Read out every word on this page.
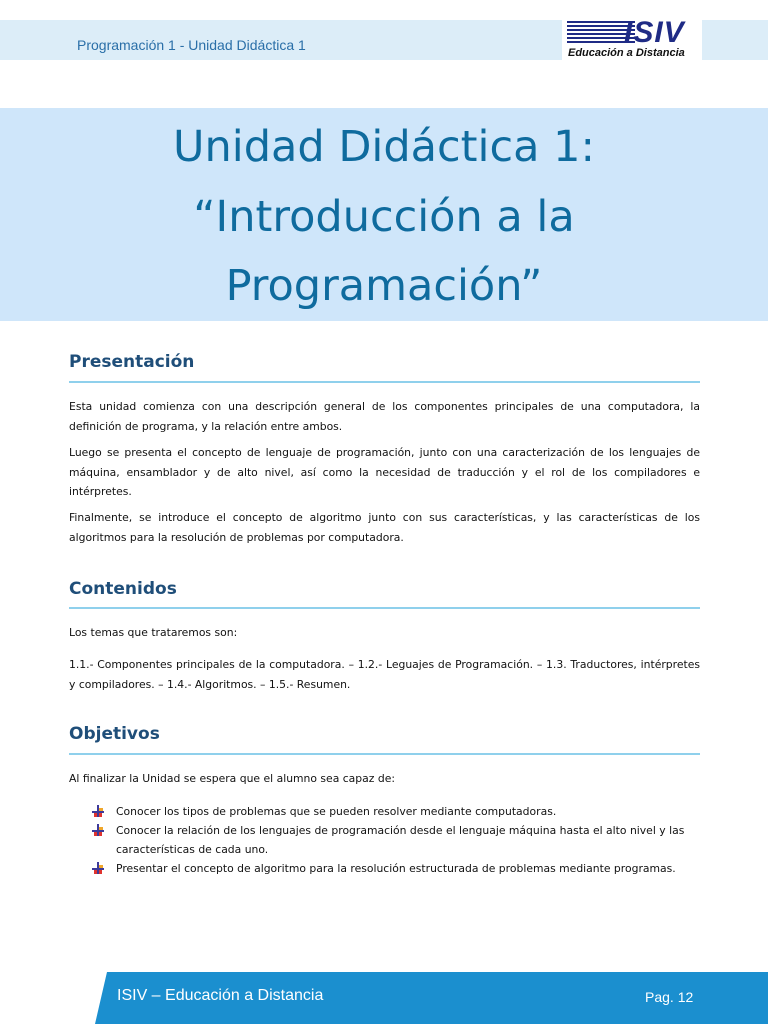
Programación 1 - Unidad Didáctica 1	ISIV
Educación a Distancia
Unidad Didáctica 1:
“Introducción a la
Programación”
Presentación
Esta unidad comienza con una descripción general de los componentes principales de una computadora, la definición de programa, y la relación entre ambos.
Luego se presenta el concepto de lenguaje de programación, junto con una caracterización de los lenguajes de máquina, ensamblador y de alto nivel, así como la necesidad de traducción y el rol de los compiladores e intérpretes.
Finalmente, se introduce el concepto de algoritmo junto con sus características, y las características de los algoritmos para la resolución de problemas por computadora.
Contenidos
Los temas que trataremos son:
1.1.- Componentes principales de la computadora. – 1.2.- Leguajes de Programación. – 1.3. Traductores, intérpretes y compiladores. – 1.4.- Algoritmos. – 1.5.- Resumen.
Objetivos
Al finalizar la Unidad se espera que el alumno sea capaz de:
Conocer los tipos de problemas que se pueden resolver mediante computadoras.
Conocer la relación de los lenguajes de programación desde el lenguaje máquina hasta el alto nivel y las características de cada uno.
Presentar el concepto de algoritmo para la resolución estructurada de problemas mediante programas.
ISIV – Educación a Distancia	Pag. 12
